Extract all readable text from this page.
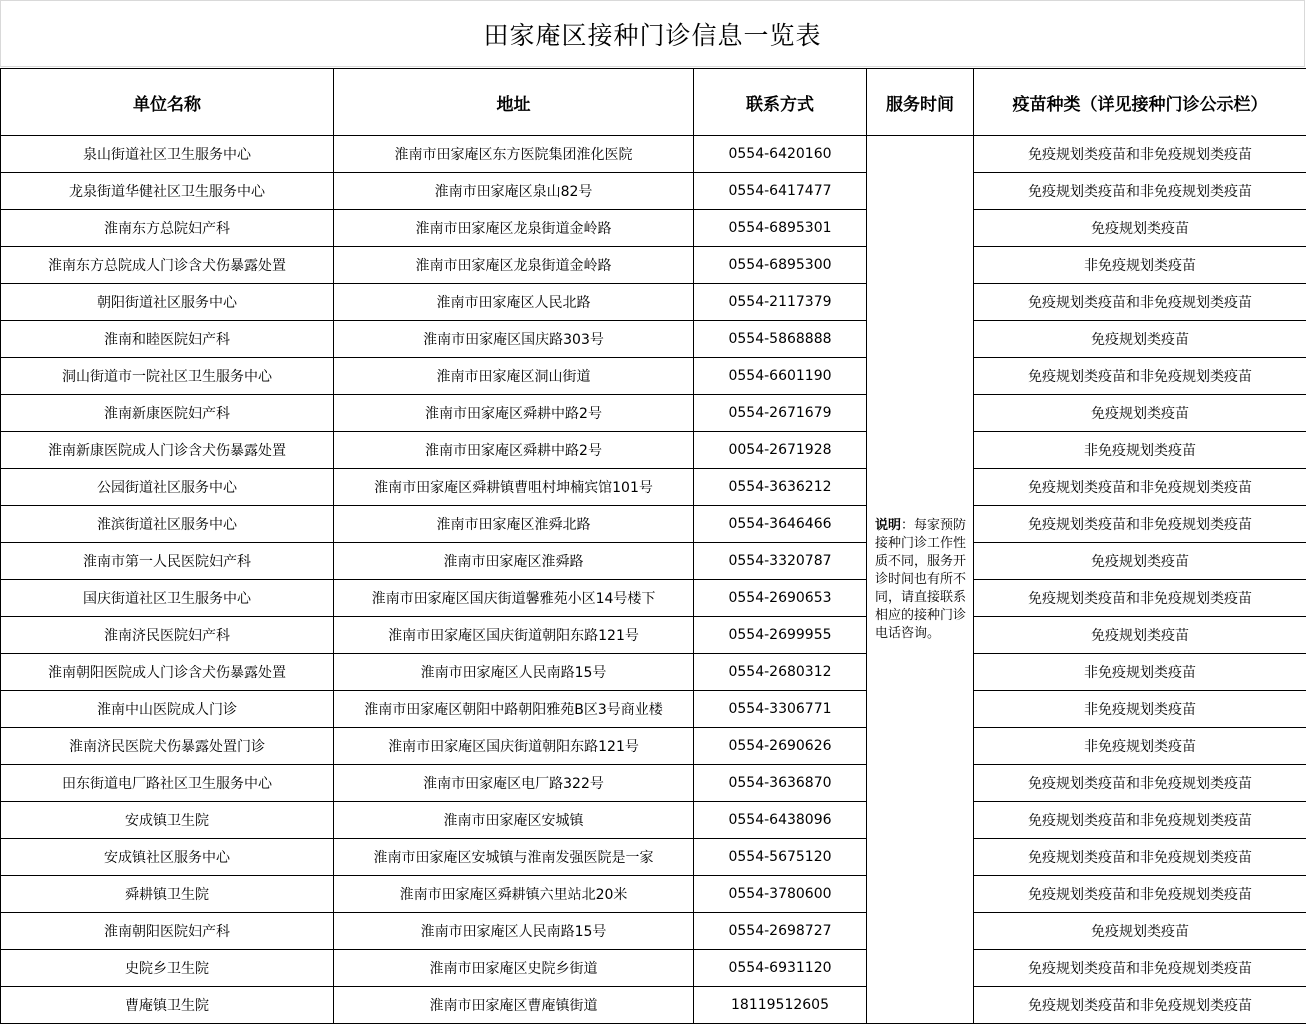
田家庵区接种门诊信息一览表
单位名称	地址	联系方式	服务时间	疫苗种类（详见接种门诊公示栏）
泉山街道社区卫生服务中心	淮南市田家庵区东方医院集团淮化医院	0554-6420160	说明：每家预防接种门诊工作性质不同，服务开诊时间也有所不同，请直接联系相应的接种门诊电话咨询。	免疫规划类疫苗和非免疫规划类疫苗
龙泉街道华健社区卫生服务中心	淮南市田家庵区泉山82号	0554-6417477		免疫规划类疫苗和非免疫规划类疫苗
淮南东方总院妇产科	淮南市田家庵区龙泉街道金岭路	0554-6895301		免疫规划类疫苗
淮南东方总院成人门诊含犬伤暴露处置	淮南市田家庵区龙泉街道金岭路	0554-6895300		非免疫规划类疫苗
朝阳街道社区服务中心	淮南市田家庵区人民北路	0554-2117379		免疫规划类疫苗和非免疫规划类疫苗
淮南和睦医院妇产科	淮南市田家庵区国庆路303号	0554-5868888		免疫规划类疫苗
洞山街道市一院社区卫生服务中心	淮南市田家庵区洞山街道	0554-6601190		免疫规划类疫苗和非免疫规划类疫苗
淮南新康医院妇产科	淮南市田家庵区舜耕中路2号	0554-2671679		免疫规划类疫苗
淮南新康医院成人门诊含犬伤暴露处置	淮南市田家庵区舜耕中路2号	0054-2671928		非免疫规划类疫苗
公园街道社区服务中心	淮南市田家庵区舜耕镇曹咀村坤楠宾馆101号	0554-3636212		免疫规划类疫苗和非免疫规划类疫苗
淮滨街道社区服务中心	淮南市田家庵区淮舜北路	0554-3646466		免疫规划类疫苗和非免疫规划类疫苗
淮南市第一人民医院妇产科	淮南市田家庵区淮舜路	0554-3320787		免疫规划类疫苗
国庆街道社区卫生服务中心	淮南市田家庵区国庆街道馨雅苑小区14号楼下	0554-2690653		免疫规划类疫苗和非免疫规划类疫苗
淮南济民医院妇产科	淮南市田家庵区国庆街道朝阳东路121号	0554-2699955		免疫规划类疫苗
淮南朝阳医院成人门诊含犬伤暴露处置	淮南市田家庵区人民南路15号	0554-2680312		非免疫规划类疫苗
淮南中山医院成人门诊	淮南市田家庵区朝阳中路朝阳雅苑B区3号商业楼	0554-3306771		非免疫规划类疫苗
淮南济民医院犬伤暴露处置门诊	淮南市田家庵区国庆街道朝阳东路121号	0554-2690626		非免疫规划类疫苗
田东街道电厂路社区卫生服务中心	淮南市田家庵区电厂路322号	0554-3636870		免疫规划类疫苗和非免疫规划类疫苗
安成镇卫生院	淮南市田家庵区安城镇	0554-6438096		免疫规划类疫苗和非免疫规划类疫苗
安成镇社区服务中心	淮南市田家庵区安城镇与淮南发强医院是一家	0554-5675120		免疫规划类疫苗和非免疫规划类疫苗
舜耕镇卫生院	淮南市田家庵区舜耕镇六里站北20米	0554-3780600		免疫规划类疫苗和非免疫规划类疫苗
淮南朝阳医院妇产科	淮南市田家庵区人民南路15号	0554-2698727		免疫规划类疫苗
史院乡卫生院	淮南市田家庵区史院乡街道	0554-6931120		免疫规划类疫苗和非免疫规划类疫苗
曹庵镇卫生院	淮南市田家庵区曹庵镇街道	18119512605		免疫规划类疫苗和非免疫规划类疫苗
